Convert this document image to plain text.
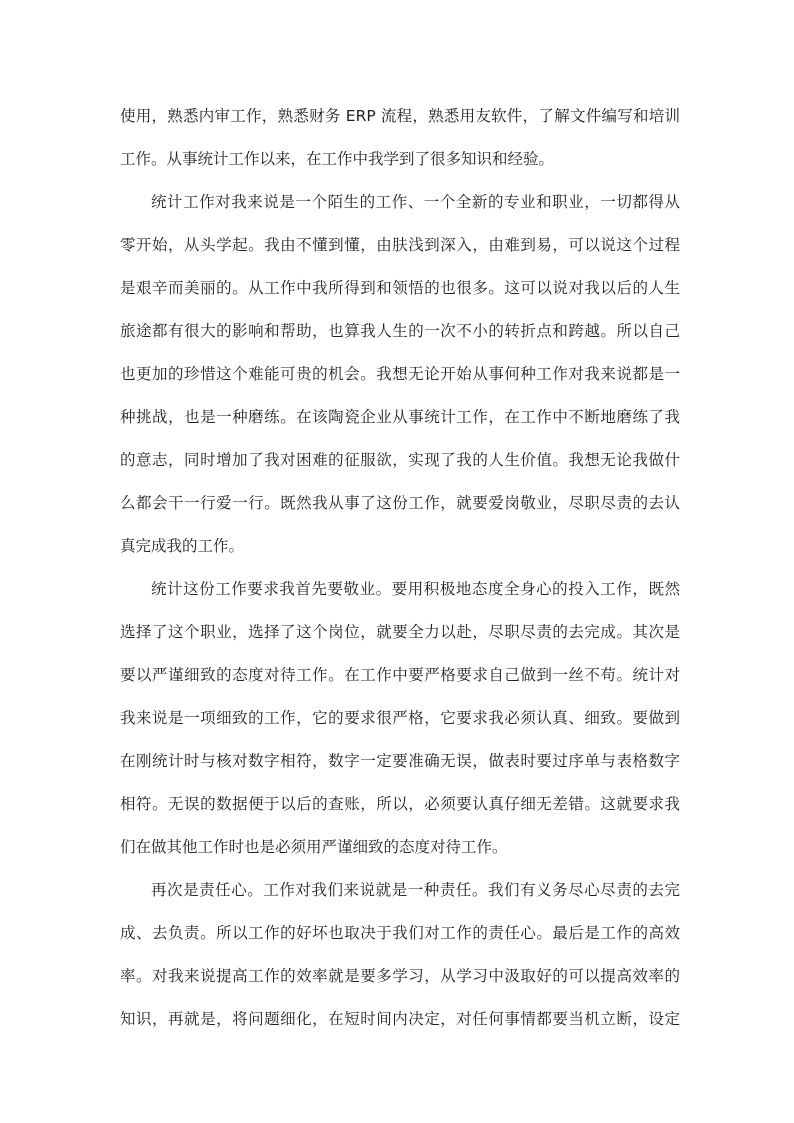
使用，熟悉内审工作，熟悉财务 ERP 流程，熟悉用友软件，了解文件编写和培训
工作。从事统计工作以来，在工作中我学到了很多知识和经验。
统计工作对我来说是一个陌生的工作、一个全新的专业和职业，一切都得从
零开始，从头学起。我由不懂到懂，由肤浅到深入，由难到易，可以说这个过程
是艰辛而美丽的。从工作中我所得到和领悟的也很多。这可以说对我以后的人生
旅途都有很大的影响和帮助，也算我人生的一次不小的转折点和跨越。所以自己
也更加的珍惜这个难能可贵的机会。我想无论开始从事何种工作对我来说都是一
种挑战，也是一种磨练。在该陶瓷企业从事统计工作，在工作中不断地磨练了我
的意志，同时增加了我对困难的征服欲，实现了我的人生价值。我想无论我做什
么都会干一行爱一行。既然我从事了这份工作，就要爱岗敬业，尽职尽责的去认
真完成我的工作。
统计这份工作要求我首先要敬业。要用积极地态度全身心的投入工作，既然
选择了这个职业，选择了这个岗位，就要全力以赴，尽职尽责的去完成。其次是
要以严谨细致的态度对待工作。在工作中要严格要求自己做到一丝不苟。统计对
我来说是一项细致的工作，它的要求很严格，它要求我必须认真、细致。要做到
在刚统计时与核对数字相符，数字一定要准确无误，做表时要过序单与表格数字
相符。无误的数据便于以后的查账，所以，必须要认真仔细无差错。这就要求我
们在做其他工作时也是必须用严谨细致的态度对待工作。
再次是责任心。工作对我们来说就是一种责任。我们有义务尽心尽责的去完
成、去负责。所以工作的好坏也取决于我们对工作的责任心。最后是工作的高效
率。对我来说提高工作的效率就是要多学习，从学习中汲取好的可以提高效率的
知识，再就是，将问题细化，在短时间内决定，对任何事情都要当机立断，设定
